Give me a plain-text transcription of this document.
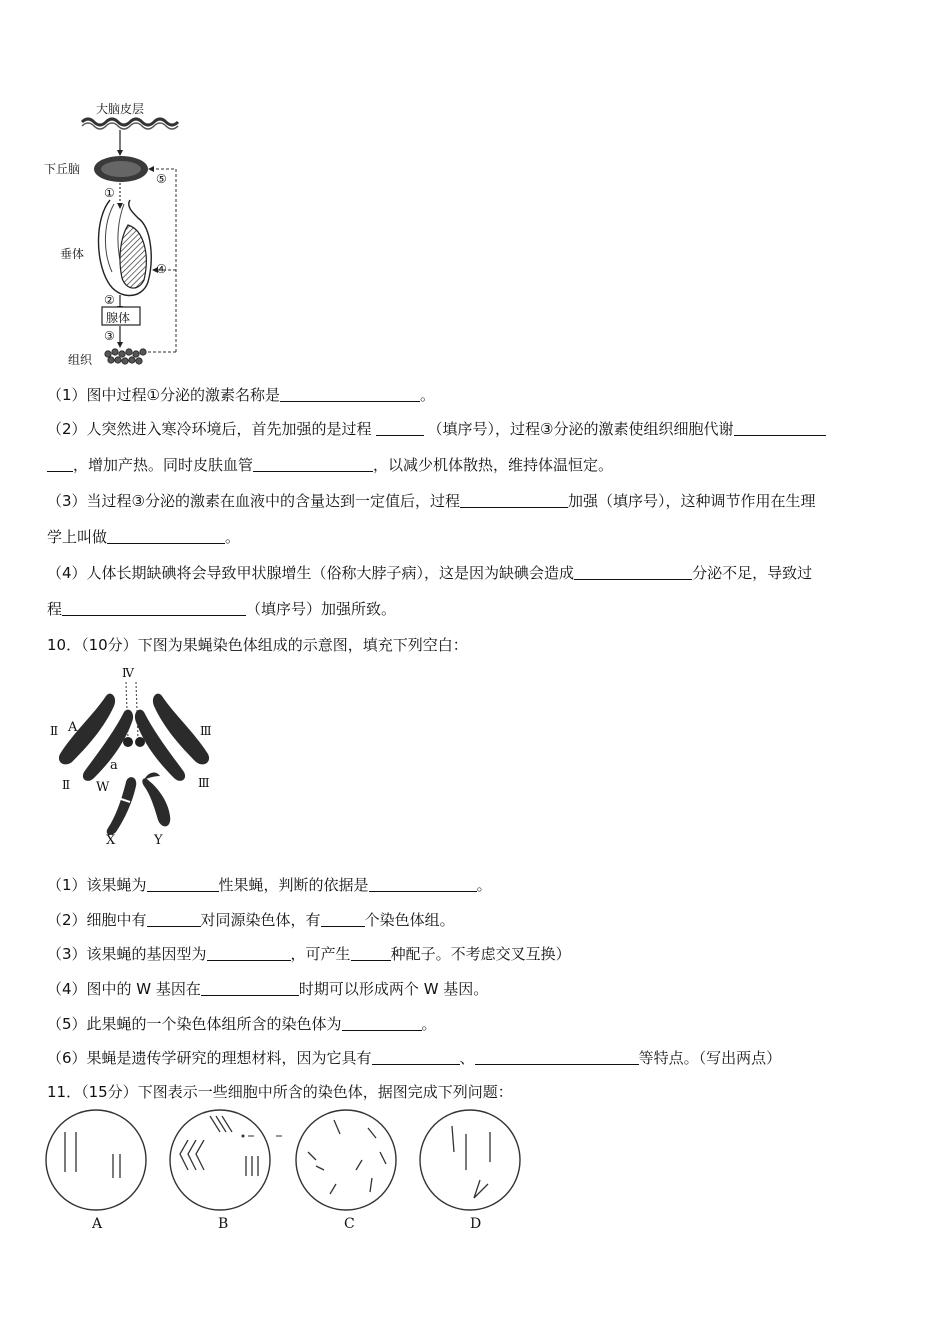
大脑皮层
下丘脑
垂体
腺体
组织
①
②
③
④
⑤
（1）图中过程①分泌的激素名称是	。
（2）人突然进入寒冷环境后，首先加强的是过程	（填序号），过程③分泌的激素使组织细胞代谢
，增加产热。同时皮肤血管	，以减少机体散热，维持体温恒定。
（3）当过程③分泌的激素在血液中的含量达到一定值后，过程	加强（填序号），这种调节作用在生理
学上叫做	。
（4）人体长期缺碘将会导致甲状腺增生（俗称大脖子病），这是因为缺碘会造成	分泌不足，导致过
程	（填序号）加强所致。
10．（10分）下图为果蝇染色体组成的示意图，填充下列空白：
Ⅳ
Ⅱ A	Ⅲ
a
Ⅱ W	Ⅲ
X	Y
（1）该果蝇为	性果蝇，判断的依据是	。
（2）细胞中有	对同源染色体，有	个染色体组。
（3）该果蝇的基因型为	，可产生	种配子。不考虑交叉互换）
（4）图中的 W 基因在	时期可以形成两个 W 基因。
（5）此果蝇的一个染色体组所含的染色体为	。
（6）果蝇是遗传学研究的理想材料，因为它具有	、	等特点。（写出两点）
11．（15分）下图表示一些细胞中所含的染色体，据图完成下列问题：
A	B	C	D
